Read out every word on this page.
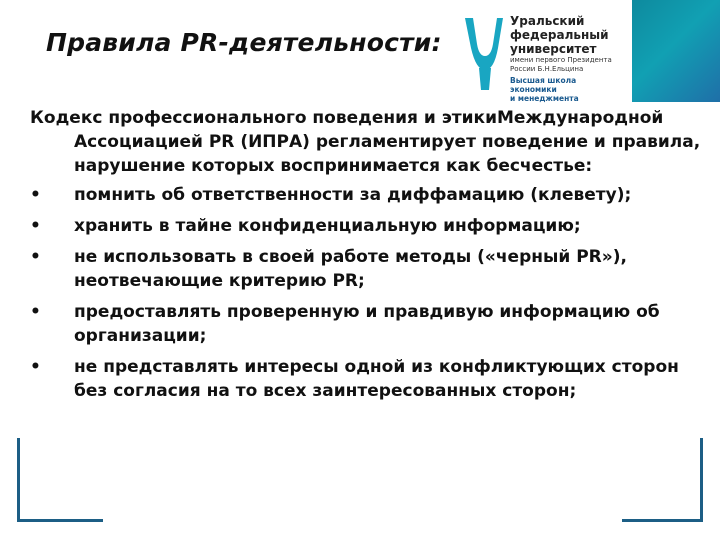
Правила PR-деятельности:
Уральский
федеральный
университет
имени первого Президента
России Б.Н.Ельцина
Высшая школа
экономики
и менеджмента

Кодекс профессионального поведения и этикиМеждународной Ассоциацией PR (ИПРА) регламентирует поведение и правила, нарушение которых воспринимается как бесчестье:

•	помнить об ответственности за диффамацию (клевету);
•	хранить в тайне конфиденциальную информацию;
•	не использовать в своей работе методы («черный PR»), неотвечающие критерию PR;
•	предоставлять проверенную и правдивую информацию об организации;
•	не представлять интересы одной из конфликтующих сторон без согласия на то всех заинтересованных сторон;
